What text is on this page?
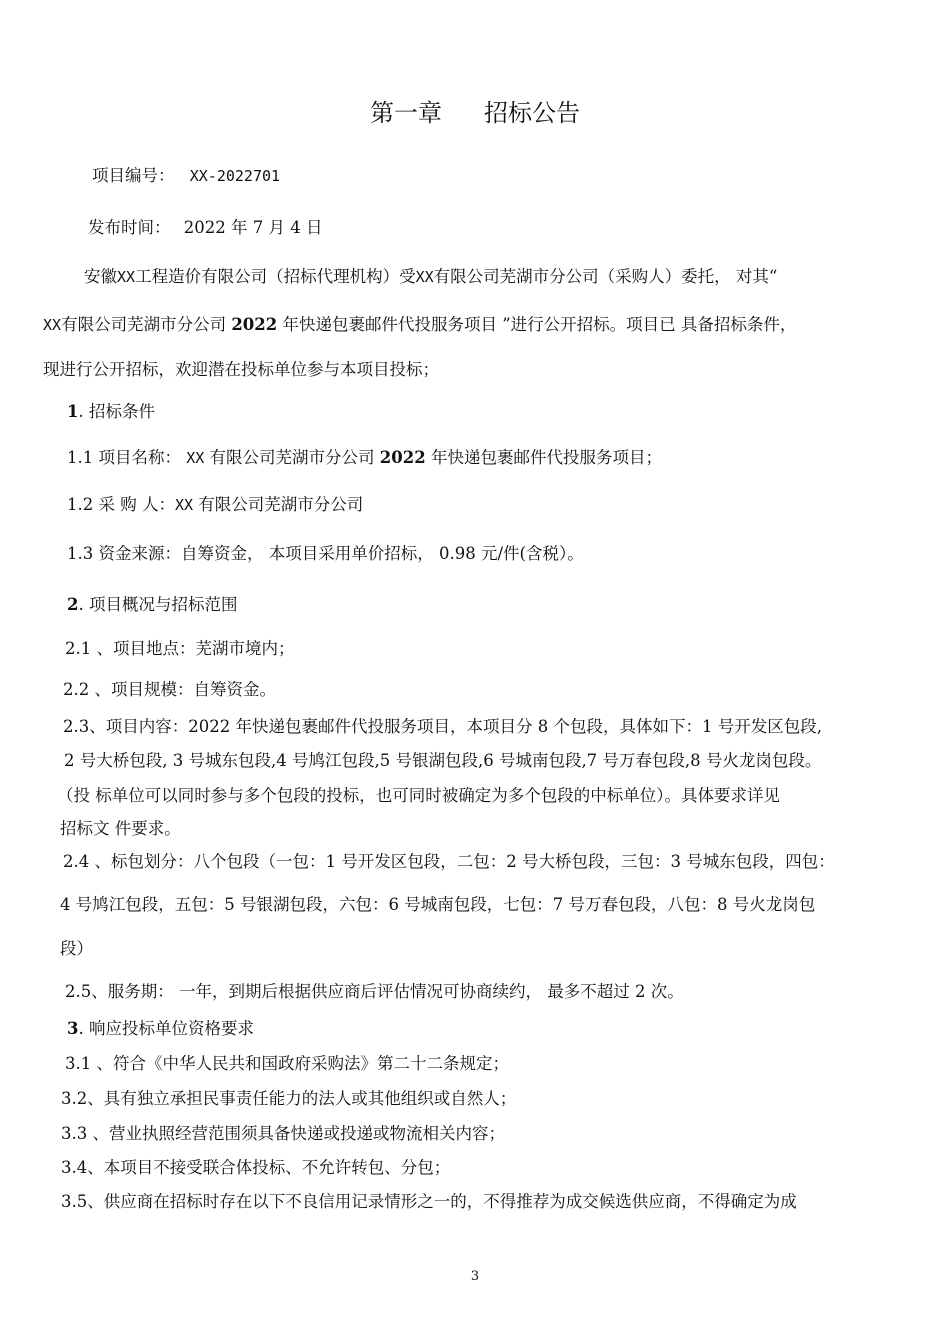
第一章 招标公告
项目编号： XX-2022701
发布时间： 2022 年 7 月 4 日
安徽XX工程造价有限公司（招标代理机构）受XX有限公司芜湖市分公司（采购人）委托， 对其“
XX有限公司芜湖市分公司 2022 年快递包裹邮件代投服务项目 ”进行公开招标。项目已 具备招标条件，
现进行公开招标，欢迎潜在投标单位参与本项目投标；
1. 招标条件
1.1 项目名称： XX 有限公司芜湖市分公司 2022 年快递包裹邮件代投服务项目；
1.2 采 购 人：XX 有限公司芜湖市分公司
1.3 资金来源：自筹资金， 本项目采用单价招标， 0.98 元/件(含税）。
2. 项目概况与招标范围
2.1 、项目地点：芜湖市境内；
2.2 、项目规模：自筹资金。
2.3、项目内容：2022 年快递包裹邮件代投服务项目，本项目分 8 个包段，具体如下：1 号开发区包段,
2 号大桥包段, 3 号城东包段,4 号鸠江包段,5 号银湖包段,6 号城南包段,7 号万春包段,8 号火龙岗包段。
（投 标单位可以同时参与多个包段的投标，也可同时被确定为多个包段的中标单位）。具体要求详见
招标文 件要求。
2.4 、标包划分：八个包段（一包：1 号开发区包段，二包：2 号大桥包段，三包：3 号城东包段，四包：
4 号鸠江包段，五包：5 号银湖包段，六包：6 号城南包段，七包：7 号万春包段，八包：8 号火龙岗包
段）
2.5、服务期： 一年，到期后根据供应商后评估情况可协商续约， 最多不超过 2 次。
3. 响应投标单位资格要求
3.1 、符合《中华人民共和国政府采购法》第二十二条规定；
3.2、具有独立承担民事责任能力的法人或其他组织或自然人；
3.3 、营业执照经营范围须具备快递或投递或物流相关内容；
3.4、本项目不接受联合体投标、不允许转包、分包；
3.5、供应商在招标时存在以下不良信用记录情形之一的，不得推荐为成交候选供应商，不得确定为成
3
